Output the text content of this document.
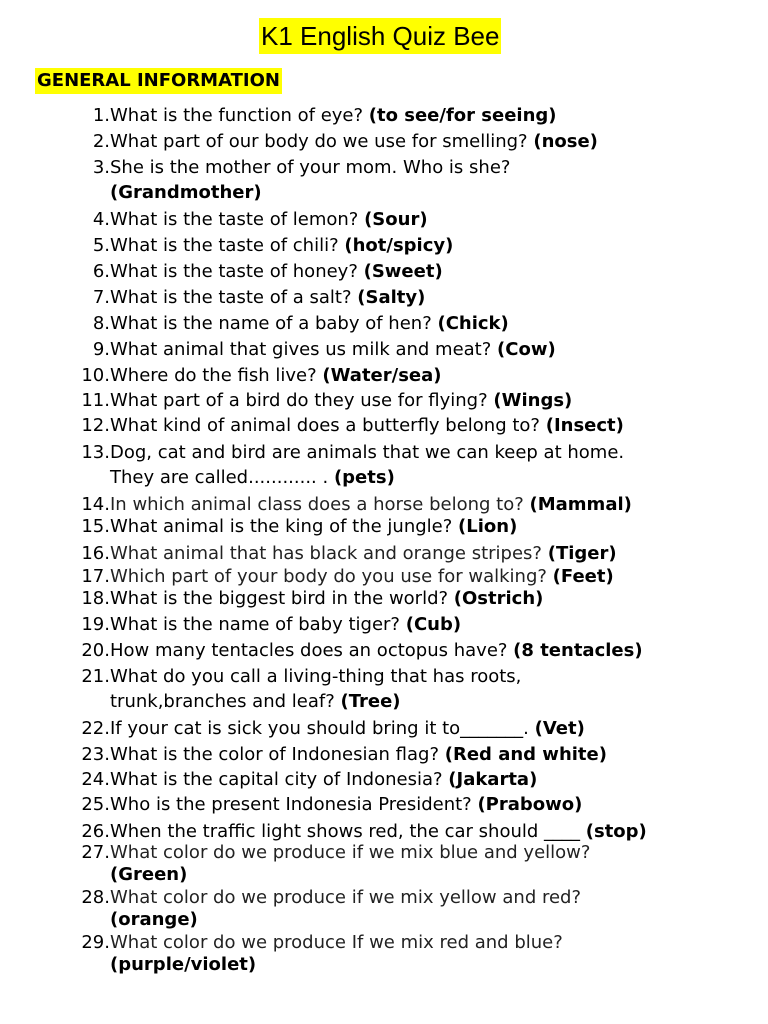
K1 English Quiz Bee
GENERAL INFORMATION
1. What is the function of eye? (to see/for seeing)
2. What part of our body do we use for smelling? (nose)
3. She is the mother of your mom. Who is she?
(Grandmother)
4. What is the taste of lemon? (Sour)
5. What is the taste of chili? (hot/spicy)
6. What is the taste of honey? (Sweet)
7. What is the taste of a salt? (Salty)
8. What is the name of a baby of hen? (Chick)
9. What animal that gives us milk and meat? (Cow)
10. Where do the fish live? (Water/sea)
11. What part of a bird do they use for flying? (Wings)
12. What kind of animal does a butterfly belong to? (Insect)
13. Dog, cat and bird are animals that we can keep at home.
They are called............ . (pets)
14. In which animal class does a horse belong to? (Mammal)
15. What animal is the king of the jungle? (Lion)
16. What animal that has black and orange stripes? (Tiger)
17. Which part of your body do you use for walking? (Feet)
18. What is the biggest bird in the world? (Ostrich)
19. What is the name of baby tiger? (Cub)
20. How many tentacles does an octopus have? (8 tentacles)
21. What do you call a living-thing that has roots,
trunk,branches and leaf? (Tree)
22. If your cat is sick you should bring it to_______. (Vet)
23. What is the color of Indonesian flag? (Red and white)
24. What is the capital city of Indonesia? (Jakarta)
25. Who is the present Indonesia President? (Prabowo)
26. When the traffic light shows red, the car should ____ (stop)
27. What color do we produce if we mix blue and yellow?
(Green)
28. What color do we produce if we mix yellow and red?
(orange)
29. What color do we produce If we mix red and blue?
(purple/violet)
